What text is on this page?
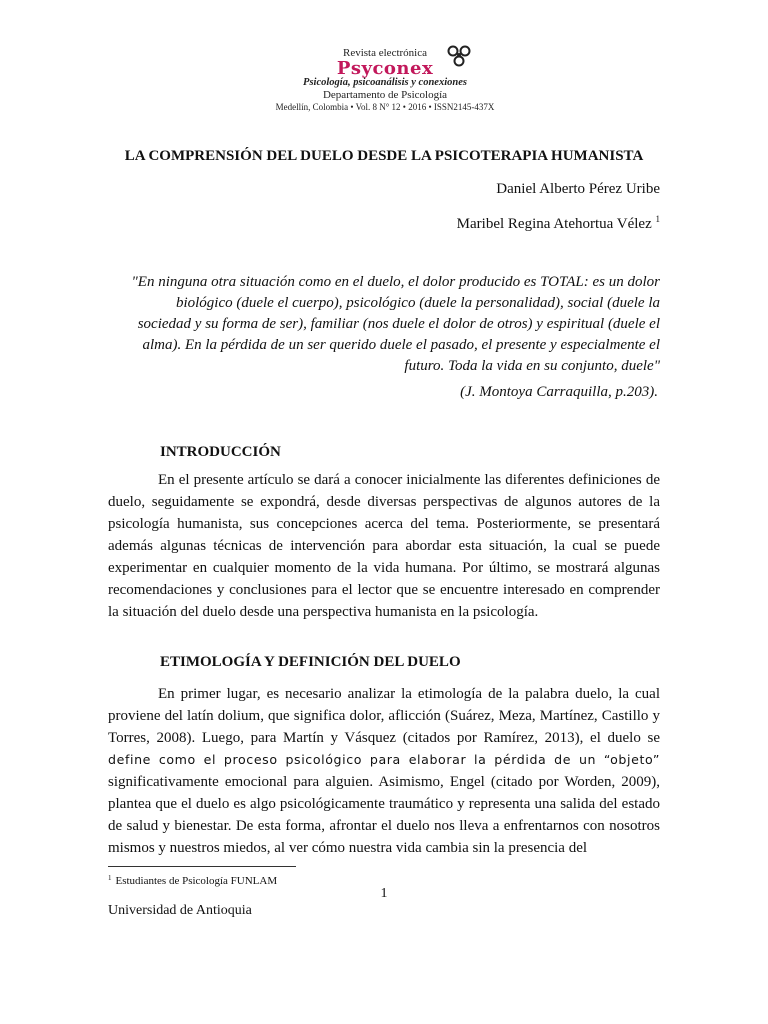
Revista electrónica
Psyconex
Psicología, psicoanálisis y conexiones
Departamento de Psicología
Medellín, Colombia • Vol. 8 N° 12 • 2016 • ISSN2145-437X
LA COMPRENSIÓN DEL DUELO DESDE LA PSICOTERAPIA HUMANISTA
Daniel Alberto Pérez Uribe
Maribel Regina Atehortua Vélez $^1$
"En ninguna otra situación como en el duelo, el dolor producido es TOTAL: es un dolor
biológico (duele el cuerpo), psicológico (duele la personalidad), social (duele la
sociedad y su forma de ser), familiar (nos duele el dolor de otros) y espiritual (duele el
alma). En la pérdida de un ser querido duele el pasado, el presente y especialmente el
futuro. Toda la vida en su conjunto, duele"
(J. Montoya Carraquilla, p.203).
INTRODUCCIÓN
En el presente artículo se dará a conocer inicialmente las diferentes definiciones de duelo, seguidamente se expondrá, desde diversas perspectivas de algunos autores de la psicología humanista, sus concepciones acerca del tema. Posteriormente, se presentará además algunas técnicas de intervención para abordar esta situación, la cual se puede experimentar en cualquier momento de la vida humana. Por último, se mostrará algunas recomendaciones y conclusiones para el lector que se encuentre interesado en comprender la situación del duelo desde una perspectiva humanista en la psicología.
ETIMOLOGÍA Y DEFINICIÓN DEL DUELO
En primer lugar, es necesario analizar la etimología de la palabra duelo, la cual proviene del latín dolium, que significa dolor, aflicción (Suárez, Meza, Martínez, Castillo y Torres, 2008). Luego, para Martín y Vásquez (citados por Ramírez, 2013), el duelo se define como el proceso psicológico para elaborar la pérdida de un “objeto” significativamente emocional para alguien. Asimismo, Engel (citado por Worden, 2009), plantea que el duelo es algo psicológicamente traumático y representa una salida del estado de salud y bienestar. De esta forma, afrontar el duelo nos lleva a enfrentarnos con nosotros mismos y nuestros miedos, al ver cómo nuestra vida cambia sin la presencia del
$^1$ Estudiantes de Psicología FUNLAM
1
Universidad de Antioquia
